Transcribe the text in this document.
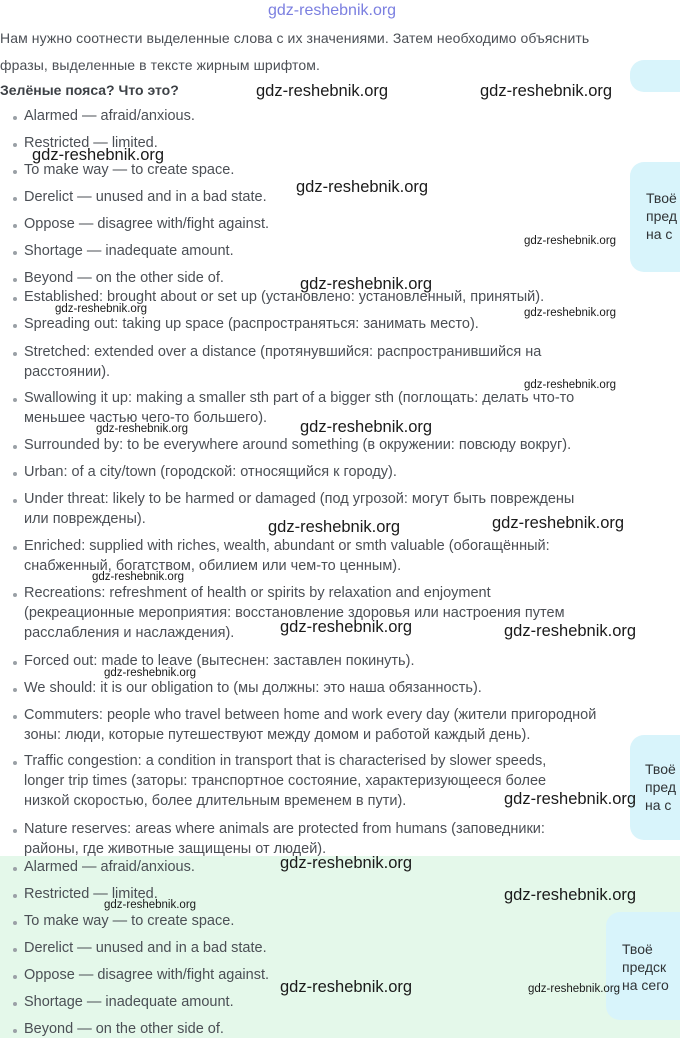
gdz-reshebnik.org
Нам нужно соотнести выделенные слова с их значениями. Затем необходимо объяснить
фразы, выделенные в тексте жирным шрифтом.
Зелёные пояса? Что это?
Твоё
пред
на с
Твоё
пред
на с
Твоё
предск
на сего
Alarmed — afraid/anxious.
Restricted — limited.
To make way — to create space.
Derelict — unused and in a bad state.
Oppose — disagree with/fight against.
Shortage — inadequate amount.
Beyond — on the other side of.
Established: brought about or set up (установлено: установленный, принятый).
Spreading out: taking up space (распространяться: занимать место).
Stretched: extended over a distance (протянувшийся: распространившийся на
расстоянии).
Swallowing it up: making a smaller sth part of a bigger sth (поглощать: делать что-то
меньшее частью чего-то большего).
Surrounded by: to be everywhere around something (в окружении: повсюду вокруг).
Urban: of a city/town (городской: относящийся к городу).
Under threat: likely to be harmed or damaged (под угрозой: могут быть повреждены
или повреждены).
Enriched: supplied with riches, wealth, abundant or smth valuable (обогащённый:
снабженный, богатством, обилием или чем-то ценным).
Recreations: refreshment of health or spirits by relaxation and enjoyment
(рекреационные мероприятия: восстановление здоровья или настроения путем
расслабления и наслаждения).
Forced out: made to leave (вытеснен: заставлен покинуть).
We should: it is our obligation to (мы должны: это наша обязанность).
Commuters: people who travel between home and work every day (жители пригородной
зоны: люди, которые путешествуют между домом и работой каждый день).
Traffic congestion: a condition in transport that is characterised by slower speeds,
longer trip times (заторы: транспортное состояние, характеризующееся более
низкой скоростью, более длительным временем в пути).
Nature reserves: areas where animals are protected from humans (заповедники:
районы, где животные защищены от людей).
Alarmed — afraid/anxious.
Restricted — limited.
To make way — to create space.
Derelict — unused and in a bad state.
Oppose — disagree with/fight against.
Shortage — inadequate amount.
Beyond — on the other side of.
gdz-reshebnik.org	gdz-reshebnik.org
gdz-reshebnik.org
gdz-reshebnik.org
gdz-reshebnik.org
gdz-reshebnik.org
gdz-reshebnik.org	gdz-reshebnik.org
gdz-reshebnik.org
gdz-reshebnik.org	gdz-reshebnik.org
gdz-reshebnik.org	gdz-reshebnik.org
gdz-reshebnik.org
gdz-reshebnik.org	gdz-reshebnik.org
gdz-reshebnik.org
gdz-reshebnik.org
gdz-reshebnik.org
gdz-reshebnik.org
gdz-reshebnik.org
gdz-reshebnik.org	gdz-reshebnik.org
